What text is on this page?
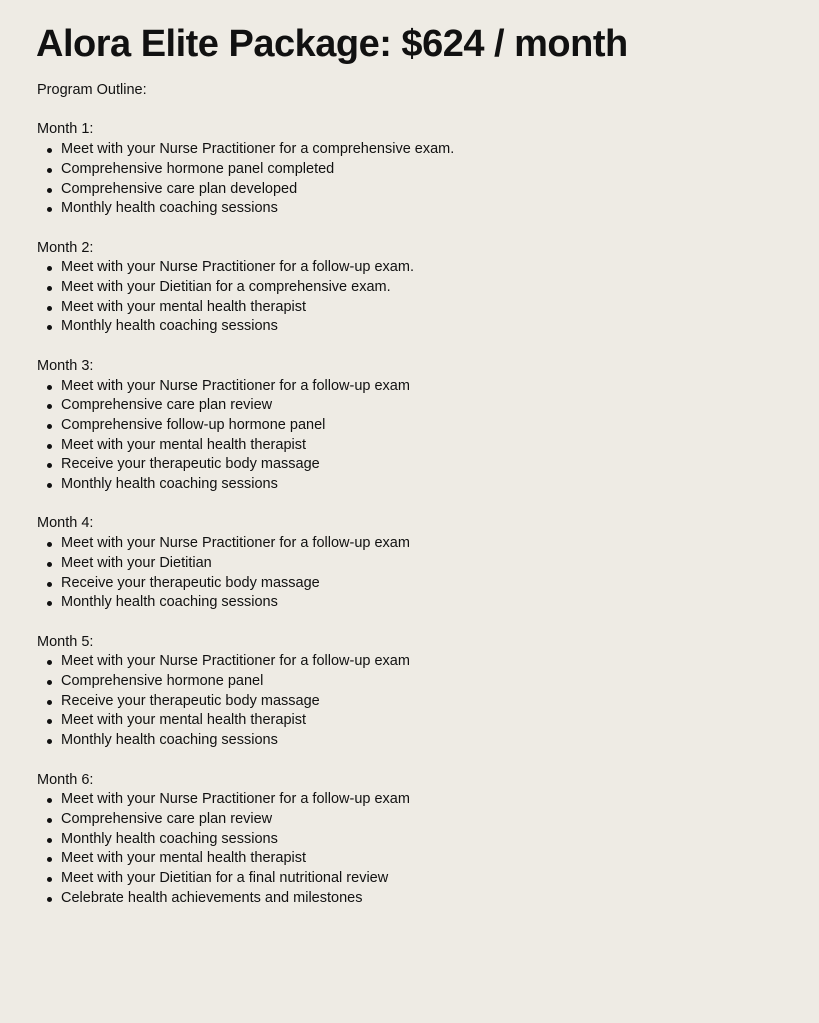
Alora Elite Package: $624 / month

Program Outline:

Month 1:

Meet with your Nurse Practitioner for a comprehensive exam.
Comprehensive hormone panel completed
Comprehensive care plan developed
Monthly health coaching sessions

Month 2:

Meet with your Nurse Practitioner for a follow-up exam.
Meet with your Dietitian for a comprehensive exam.
Meet with your mental health therapist
Monthly health coaching sessions

Month 3:

Meet with your Nurse Practitioner for a follow-up exam
Comprehensive care plan review
Comprehensive follow-up hormone panel
Meet with your mental health therapist
Receive your therapeutic body massage
Monthly health coaching sessions

Month 4:

Meet with your Nurse Practitioner for a follow-up exam
Meet with your Dietitian
Receive your therapeutic body massage
Monthly health coaching sessions

Month 5:

Meet with your Nurse Practitioner for a follow-up exam
Comprehensive hormone panel
Receive your therapeutic body massage
Meet with your mental health therapist
Monthly health coaching sessions

Month 6:

Meet with your Nurse Practitioner for a follow-up exam
Comprehensive care plan review
Monthly health coaching sessions
Meet with your mental health therapist
Meet with your Dietitian for a final nutritional review
Celebrate health achievements and milestones
